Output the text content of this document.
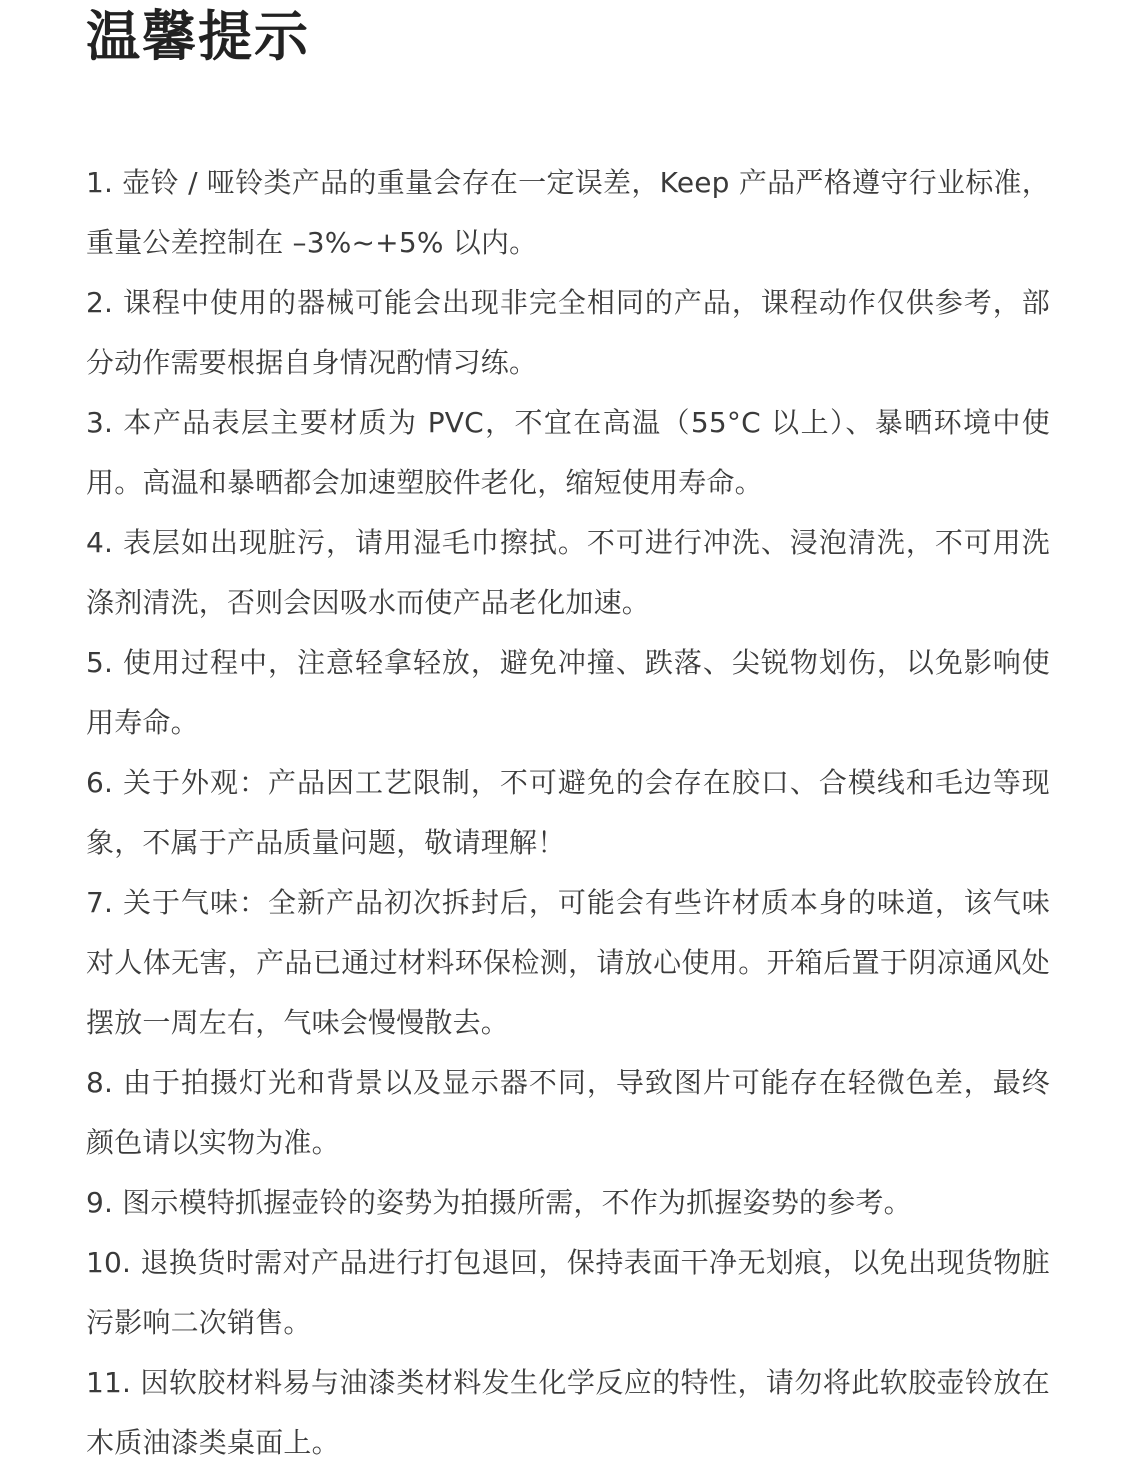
温馨提示
1. 壶铃 / 哑铃类产品的重量会存在一定误差，Keep 产品严格遵守行业标准，重量公差控制在 –3%~+5% 以内。
2. 课程中使用的器械可能会出现非完全相同的产品，课程动作仅供参考，部分动作需要根据自身情况酌情习练。
3. 本产品表层主要材质为 PVC，不宜在高温（55°C 以上）、暴晒环境中使用。高温和暴晒都会加速塑胶件老化，缩短使用寿命。
4. 表层如出现脏污，请用湿毛巾擦拭。不可进行冲洗、浸泡清洗，不可用洗涤剂清洗，否则会因吸水而使产品老化加速。
5. 使用过程中，注意轻拿轻放，避免冲撞、跌落、尖锐物划伤，以免影响使用寿命。
6. 关于外观：产品因工艺限制，不可避免的会存在胶口、合模线和毛边等现象，不属于产品质量问题，敬请理解！
7. 关于气味：全新产品初次拆封后，可能会有些许材质本身的味道，该气味对人体无害，产品已通过材料环保检测，请放心使用。开箱后置于阴凉通风处摆放一周左右，气味会慢慢散去。
8. 由于拍摄灯光和背景以及显示器不同，导致图片可能存在轻微色差，最终颜色请以实物为准。
9. 图示模特抓握壶铃的姿势为拍摄所需，不作为抓握姿势的参考。
10. 退换货时需对产品进行打包退回，保持表面干净无划痕，以免出现货物脏污影响二次销售。
11. 因软胶材料易与油漆类材料发生化学反应的特性，请勿将此软胶壶铃放在木质油漆类桌面上。
